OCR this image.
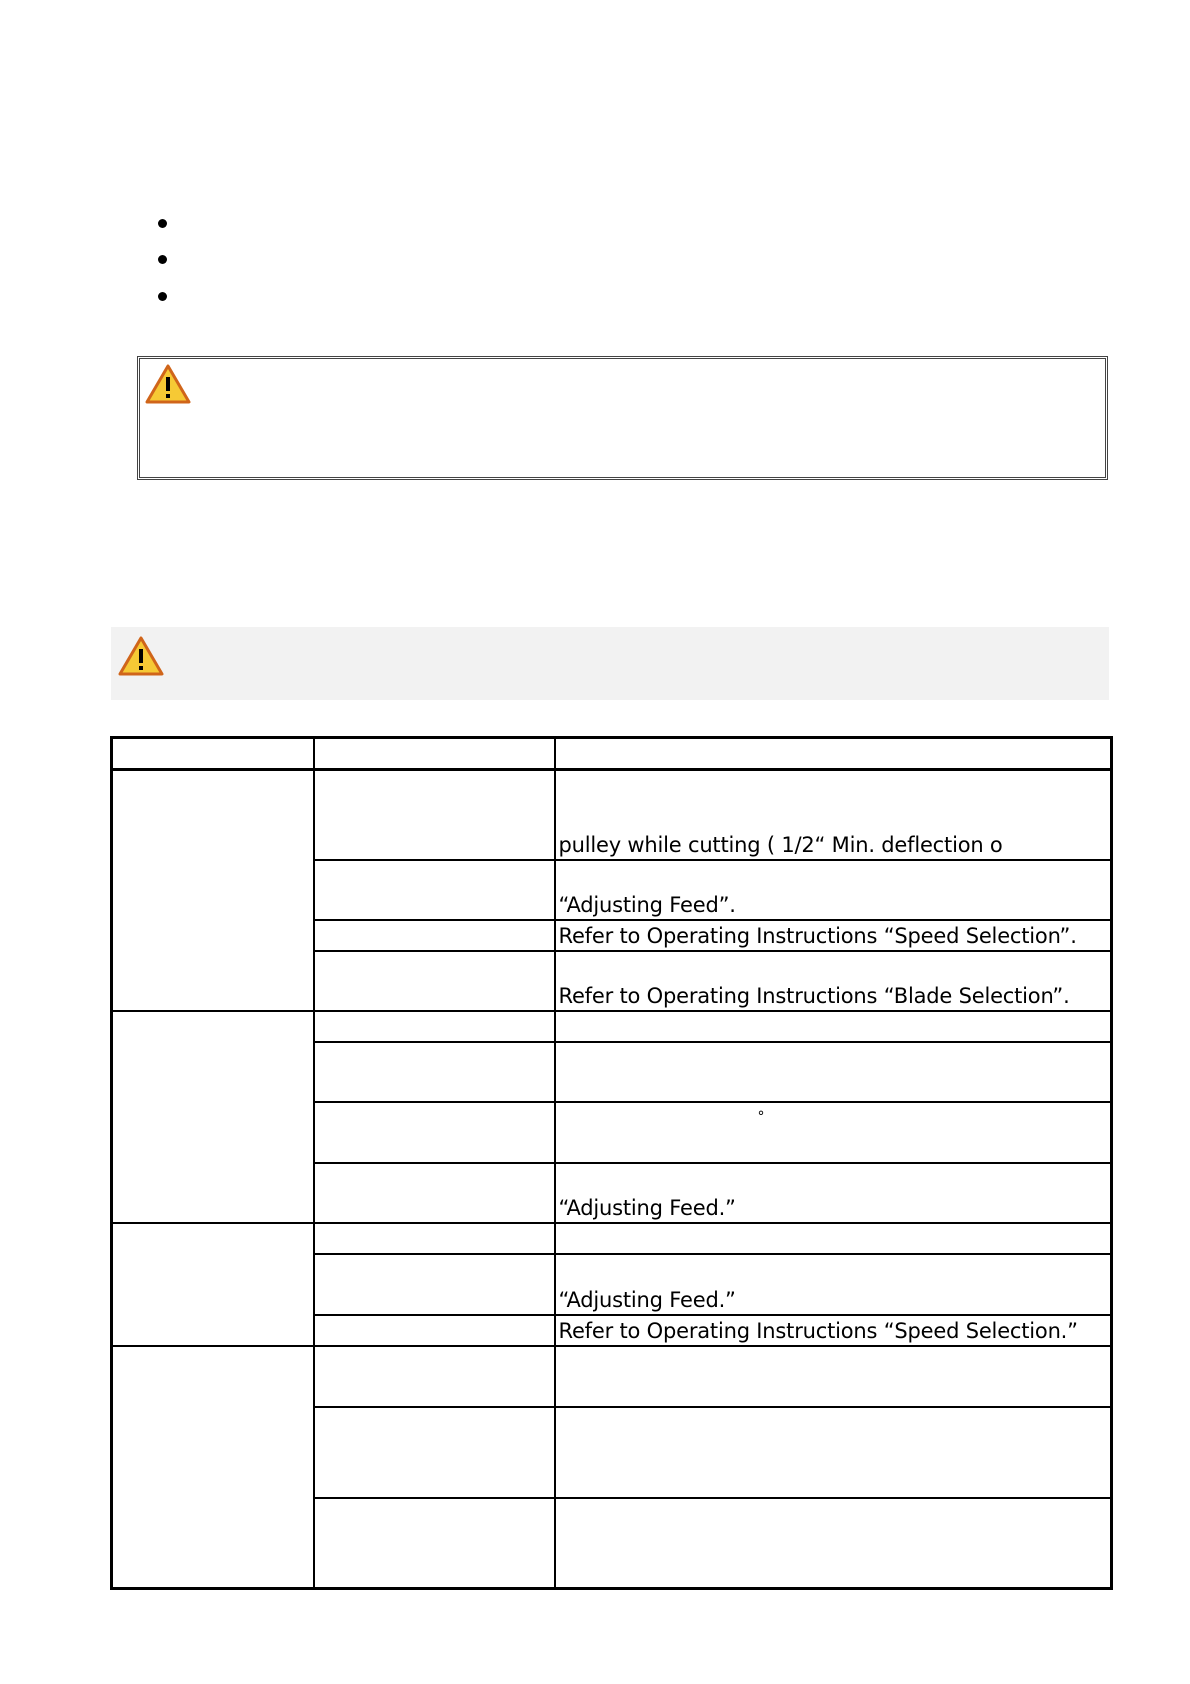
		pulley while cutting ( 1/2“ Min. deflection o
		“Adjusting Feed”.
		Refer to Operating Instructions “Speed Selection”.
		Refer to Operating Instructions “Blade Selection”.

		°

		“Adjusting Feed.”

		“Adjusting Feed.”
		Refer to Operating Instructions “Speed Selection.”
